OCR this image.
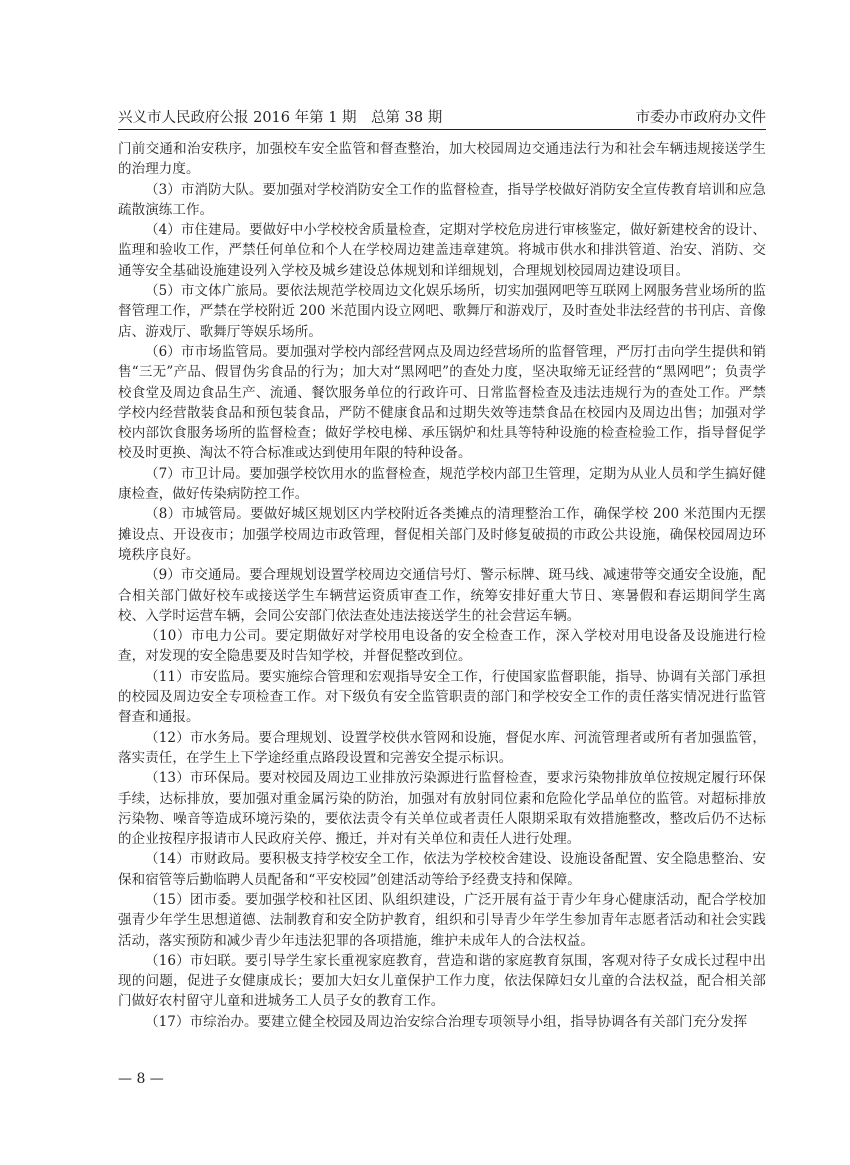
兴义市人民政府公报 2016 年第 1 期　总第 38 期	市委办市政府办文件

门前交通和治安秩序，加强校车安全监管和督查整治，加大校园周边交通违法行为和社会车辆违规接送学生的治理力度。

（3）市消防大队。要加强对学校消防安全工作的监督检查，指导学校做好消防安全宣传教育培训和应急疏散演练工作。

（4）市住建局。要做好中小学校校舍质量检查，定期对学校危房进行审核鉴定，做好新建校舍的设计、监理和验收工作，严禁任何单位和个人在学校周边建盖违章建筑。将城市供水和排洪管道、治安、消防、交通等安全基础设施建设列入学校及城乡建设总体规划和详细规划，合理规划校园周边建设项目。

（5）市文体广旅局。要依法规范学校周边文化娱乐场所，切实加强网吧等互联网上网服务营业场所的监督管理工作，严禁在学校附近 200 米范围内设立网吧、歌舞厅和游戏厅，及时查处非法经营的书刊店、音像店、游戏厅、歌舞厅等娱乐场所。

（6）市市场监管局。要加强对学校内部经营网点及周边经营场所的监督管理，严厉打击向学生提供和销售“三无”产品、假冒伪劣食品的行为；加大对“黑网吧”的查处力度，坚决取缔无证经营的“黑网吧”；负责学校食堂及周边食品生产、流通、餐饮服务单位的行政许可、日常监督检查及违法违规行为的查处工作。严禁学校内经营散装食品和预包装食品，严防不健康食品和过期失效等违禁食品在校园内及周边出售；加强对学校内部饮食服务场所的监督检查；做好学校电梯、承压锅炉和灶具等特种设施的检查检验工作，指导督促学校及时更换、淘汰不符合标准或达到使用年限的特种设备。

（7）市卫计局。要加强学校饮用水的监督检查，规范学校内部卫生管理，定期为从业人员和学生搞好健康检查，做好传染病防控工作。

（8）市城管局。要做好城区规划区内学校附近各类摊点的清理整治工作，确保学校 200 米范围内无摆摊设点、开设夜市；加强学校周边市政管理，督促相关部门及时修复破损的市政公共设施，确保校园周边环境秩序良好。

（9）市交通局。要合理规划设置学校周边交通信号灯、警示标牌、斑马线、减速带等交通安全设施，配合相关部门做好校车或接送学生车辆营运资质审查工作，统筹安排好重大节日、寒暑假和春运期间学生离校、入学时运营车辆，会同公安部门依法查处违法接送学生的社会营运车辆。

（10）市电力公司。要定期做好对学校用电设备的安全检查工作，深入学校对用电设备及设施进行检查，对发现的安全隐患要及时告知学校，并督促整改到位。

（11）市安监局。要实施综合管理和宏观指导安全工作，行使国家监督职能，指导、协调有关部门承担的校园及周边安全专项检查工作。对下级负有安全监管职责的部门和学校安全工作的责任落实情况进行监管督查和通报。

（12）市水务局。要合理规划、设置学校供水管网和设施，督促水库、河流管理者或所有者加强监管，落实责任，在学生上下学途经重点路段设置和完善安全提示标识。

（13）市环保局。要对校园及周边工业排放污染源进行监督检查，要求污染物排放单位按规定履行环保手续，达标排放，要加强对重金属污染的防治，加强对有放射同位素和危险化学品单位的监管。对超标排放污染物、噪音等造成环境污染的，要依法责令有关单位或者责任人限期采取有效措施整改，整改后仍不达标的企业按程序报请市人民政府关停、搬迁，并对有关单位和责任人进行处理。

（14）市财政局。要积极支持学校安全工作，依法为学校校舍建设、设施设备配置、安全隐患整治、安保和宿管等后勤临聘人员配备和“平安校园”创建活动等给予经费支持和保障。

（15）团市委。要加强学校和社区团、队组织建设，广泛开展有益于青少年身心健康活动，配合学校加强青少年学生思想道德、法制教育和安全防护教育，组织和引导青少年学生参加青年志愿者活动和社会实践活动，落实预防和减少青少年违法犯罪的各项措施，维护未成年人的合法权益。

（16）市妇联。要引导学生家长重视家庭教育，营造和谐的家庭教育氛围，客观对待子女成长过程中出现的问题，促进子女健康成长；要加大妇女儿童保护工作力度，依法保障妇女儿童的合法权益，配合相关部门做好农村留守儿童和进城务工人员子女的教育工作。

（17）市综治办。要建立健全校园及周边治安综合治理专项领导小组，指导协调各有关部门充分发挥

— 8 —
